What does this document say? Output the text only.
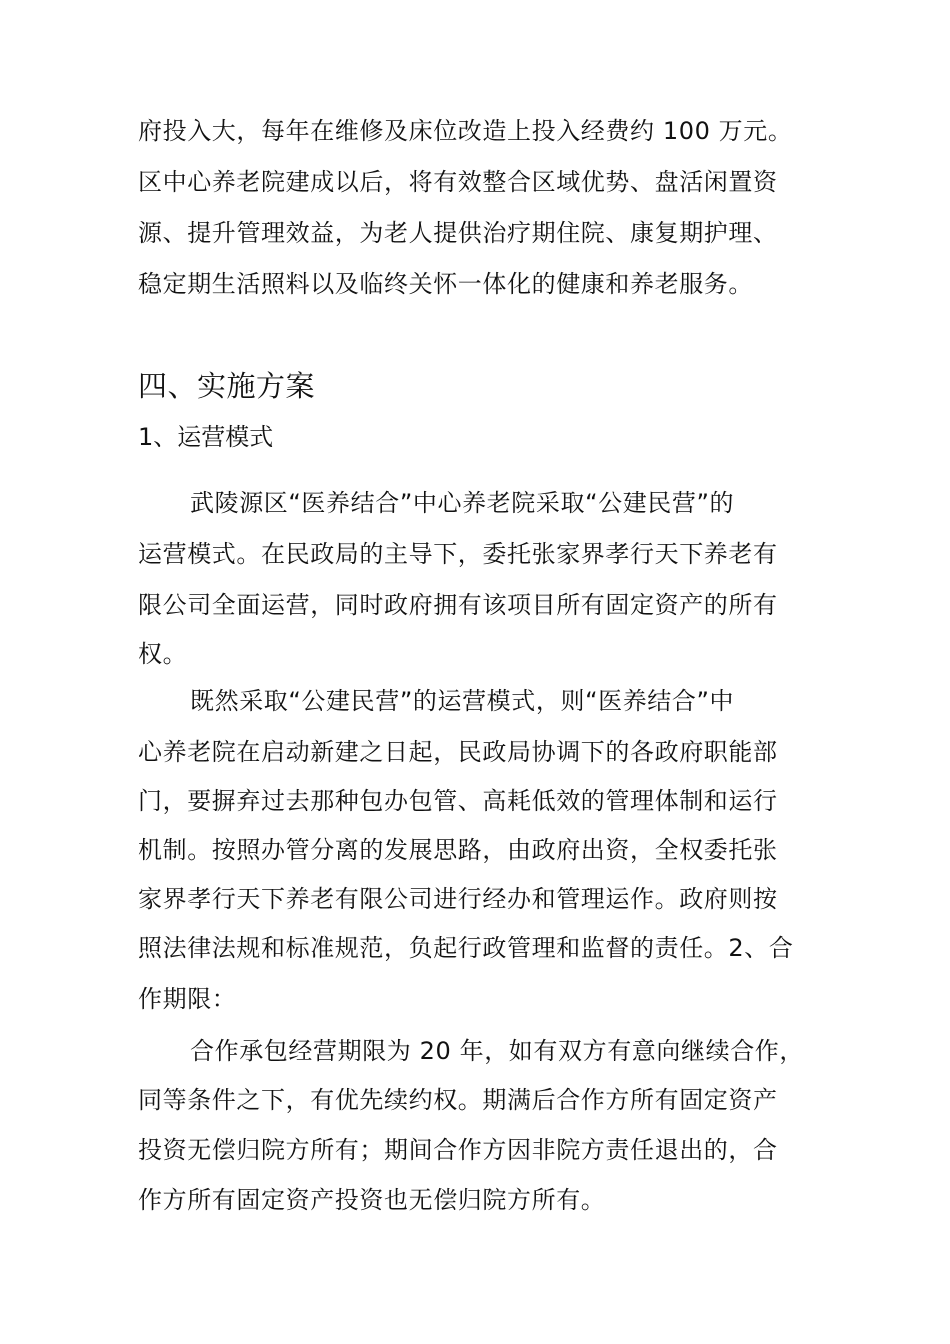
府投入大，每年在维修及床位改造上投入经费约 100 万元。
区中心养老院建成以后，将有效整合区域优势、盘活闲置资
源、提升管理效益，为老人提供治疗期住院、康复期护理、
稳定期生活照料以及临终关怀一体化的健康和养老服务。
四、实施方案
1、运营模式
武陵源区“医养结合”中心养老院采取“公建民营”的
运营模式。在民政局的主导下，委托张家界孝行天下养老有
限公司全面运营，同时政府拥有该项目所有固定资产的所有
权。
既然采取“公建民营”的运营模式，则“医养结合”中
心养老院在启动新建之日起，民政局协调下的各政府职能部
门，要摒弃过去那种包办包管、高耗低效的管理体制和运行
机制。按照办管分离的发展思路，由政府出资，全权委托张
家界孝行天下养老有限公司进行经办和管理运作。政府则按
照法律法规和标准规范，负起行政管理和监督的责任。2、合
作期限：
合作承包经营期限为 20 年，如有双方有意向继续合作，
同等条件之下，有优先续约权。期满后合作方所有固定资产
投资无偿归院方所有；期间合作方因非院方责任退出的，合
作方所有固定资产投资也无偿归院方所有。
